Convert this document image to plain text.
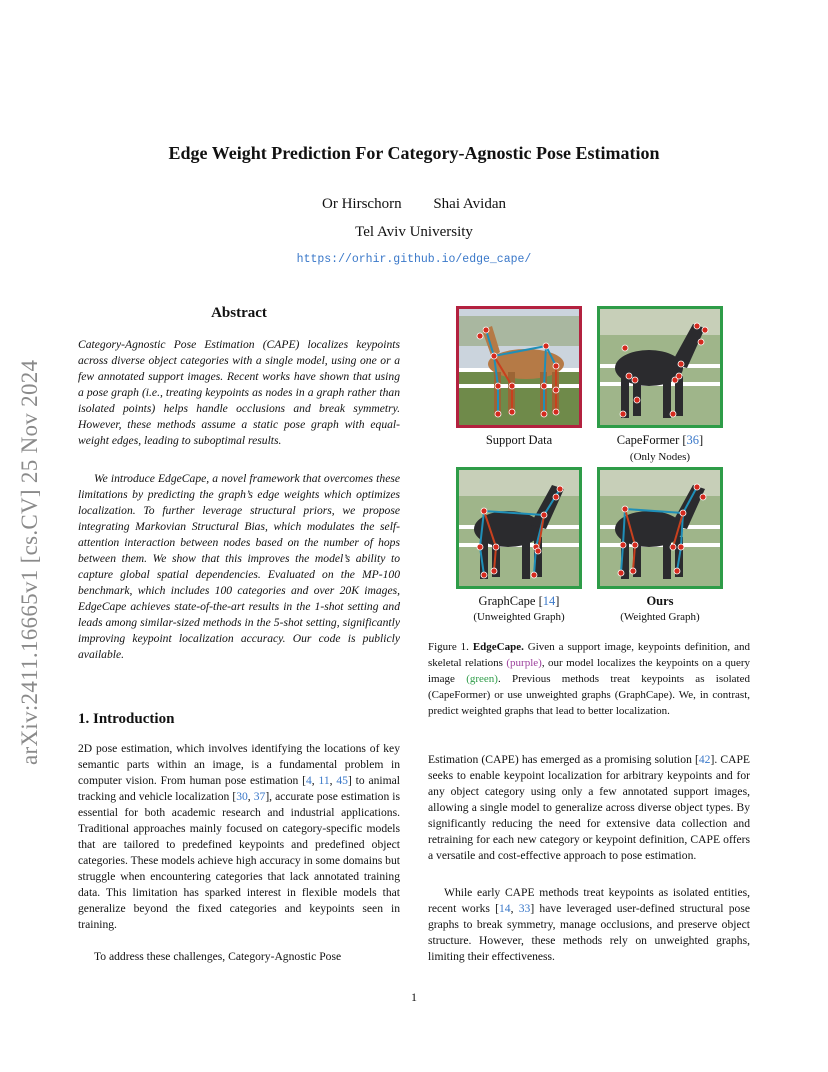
arXiv:2411.16665v1 [cs.CV] 25 Nov 2024
Edge Weight Prediction For Category-Agnostic Pose Estimation
Or Hirschorn Shai Avidan
Tel Aviv University
https://orhir.github.io/edge_cape/
Abstract
Category-Agnostic Pose Estimation (CAPE) localizes keypoints across diverse object categories with a single model, using one or a few annotated support images. Recent works have shown that using a pose graph (i.e., treating keypoints as nodes in a graph rather than isolated points) helps handle occlusions and break symmetry. However, these methods assume a static pose graph with equal-weight edges, leading to suboptimal results.
We introduce EdgeCape, a novel framework that overcomes these limitations by predicting the graph’s edge weights which optimizes localization. To further leverage structural priors, we propose integrating Markovian Structural Bias, which modulates the self-attention interaction between nodes based on the number of hops between them. We show that this improves the model’s ability to capture global spatial dependencies. Evaluated on the MP-100 benchmark, which includes 100 categories and over 20K images, EdgeCape achieves state-of-the-art results in the 1-shot setting and leads among similar-sized methods in the 5-shot setting, significantly improving keypoint localization accuracy. Our code is publicly available.
1. Introduction
2D pose estimation, which involves identifying the locations of key semantic parts within an image, is a fundamental problem in computer vision. From human pose estimation [4, 11, 45] to animal tracking and vehicle localization [30, 37], accurate pose estimation is essential for both academic research and industrial applications. Traditional approaches mainly focused on category-specific models that are tailored to predefined keypoints and predefined object categories. These models achieve high accuracy in some domains but struggle when encountering categories that lack annotated training data. This limitation has sparked interest in flexible models that generalize beyond the fixed categories and keypoints seen in training.
To address these challenges, Category-Agnostic Pose
Estimation (CAPE) has emerged as a promising solution [42]. CAPE seeks to enable keypoint localization for arbitrary keypoints and for any object category using only a few annotated support images, allowing a single model to generalize across diverse object types. By significantly reducing the need for extensive data collection and retraining for each new category or keypoint definition, CAPE offers a versatile and cost-effective approach to pose estimation.
While early CAPE methods treat keypoints as isolated entities, recent works [14, 33] have leveraged user-defined structural pose graphs to break symmetry, manage occlusions, and preserve object structure. However, these methods rely on unweighted graphs, limiting their effectiveness.
Support Data	CapeFormer [36]
(Only Nodes)
GraphCape [14]
(Unweighted Graph)
Ours
(Weighted Graph)
Figure 1. EdgeCape. Given a support image, keypoints definition, and skeletal relations (purple), our model localizes the keypoints on a query image (green). Previous methods treat keypoints as isolated (CapeFormer) or use unweighted graphs (GraphCape). We, in contrast, predict weighted graphs that lead to better localization.
1
